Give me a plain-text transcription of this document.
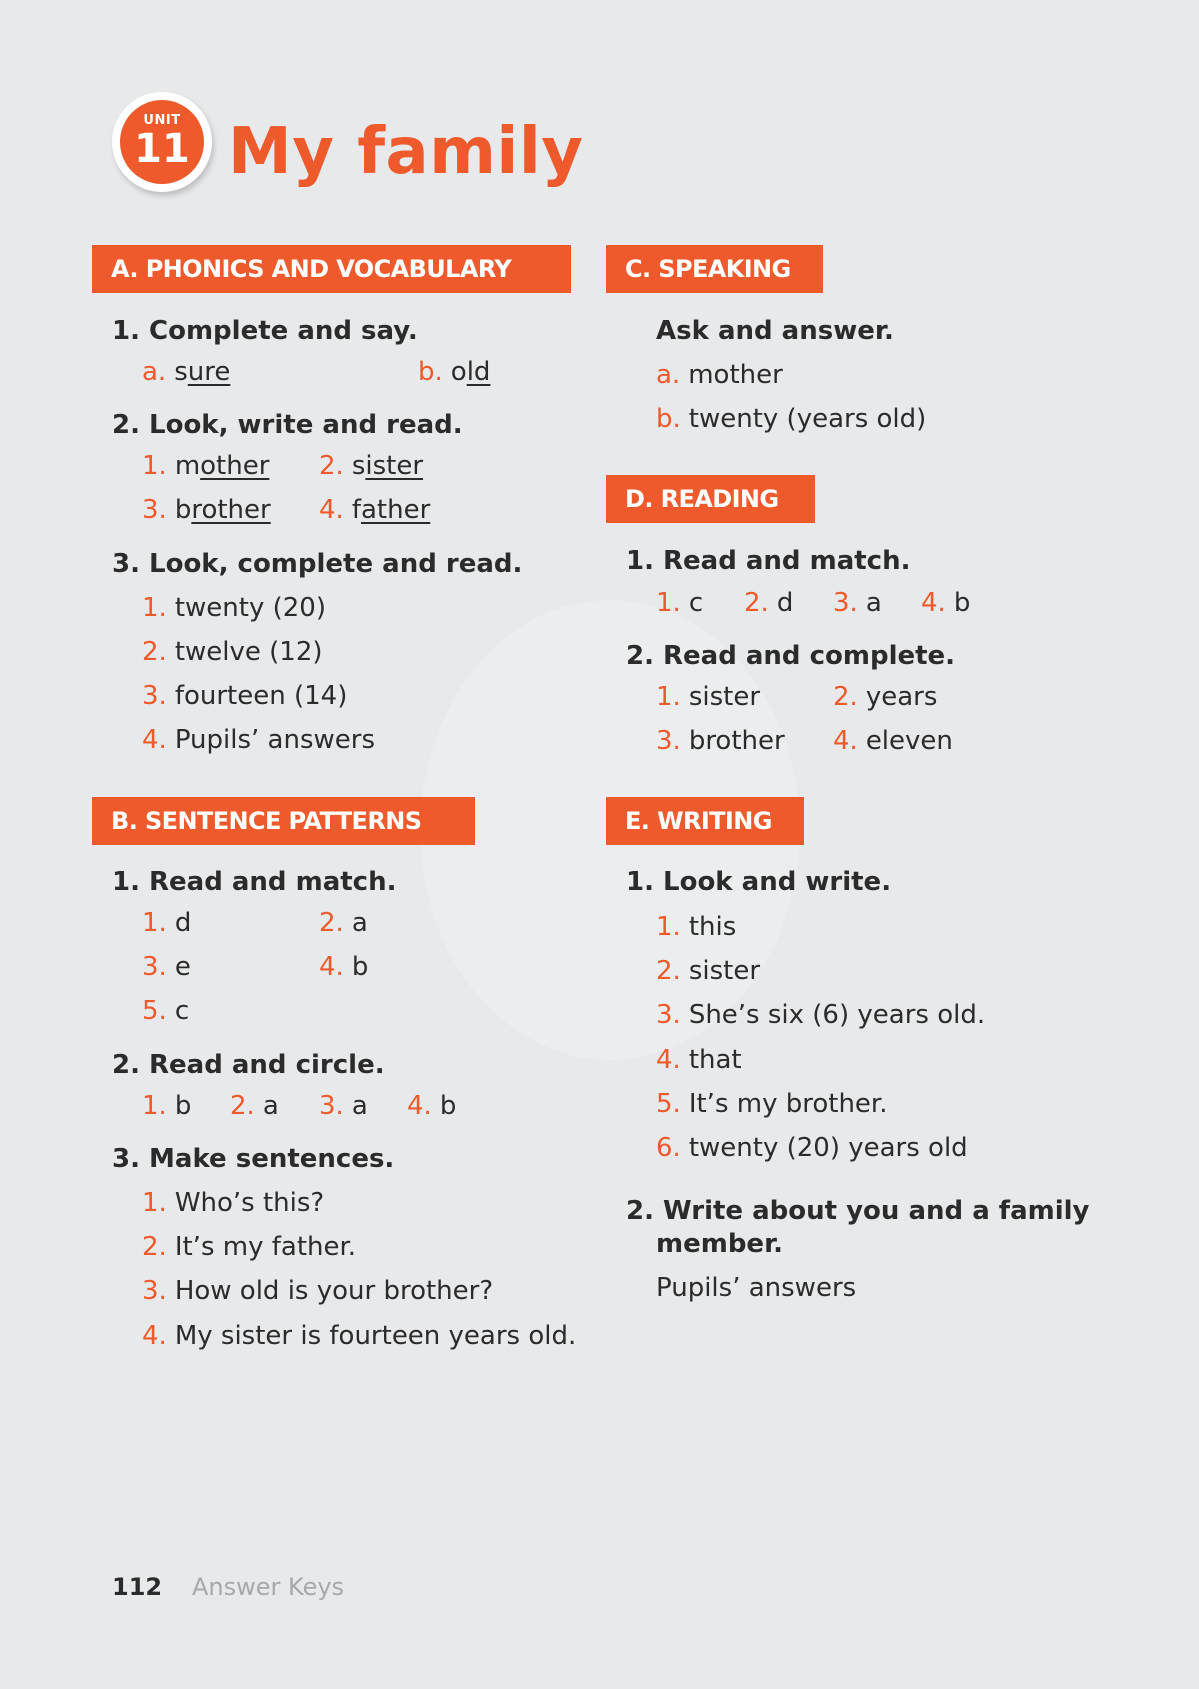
UNIT
11 My family
A. PHONICS AND VOCABULARY
1. Complete and say.
a. sure	b. old
2. Look, write and read.
1. mother 2. sister
3. brother 4. father
3. Look, complete and read.
1. twenty (20)
2. twelve (12)
3. fourteen (14)
4. Pupils’ answers
B. SENTENCE PATTERNS
1. Read and match.
1. d	2. a
3. e	4. b
5. c
2. Read and circle.
1. b 2. a 3. a 4. b
3. Make sentences.
1. Who’s this?
2. It’s my father.
3. How old is your brother?
4. My sister is fourteen years old.
C. SPEAKING
Ask and answer.
a. mother
b. twenty (years old)
D. READING
1. Read and match.
1. c 2. d 3. a 4. b
2. Read and complete.
1. sister	2. years
3. brother 4. eleven
E. WRITING
1. Look and write.
1. this
2. sister
3. She’s six (6) years old.
4. that
5. It’s my brother.
6. twenty (20) years old
2. Write about you and a family
member.
Pupils’ answers
112 Answer Keys
